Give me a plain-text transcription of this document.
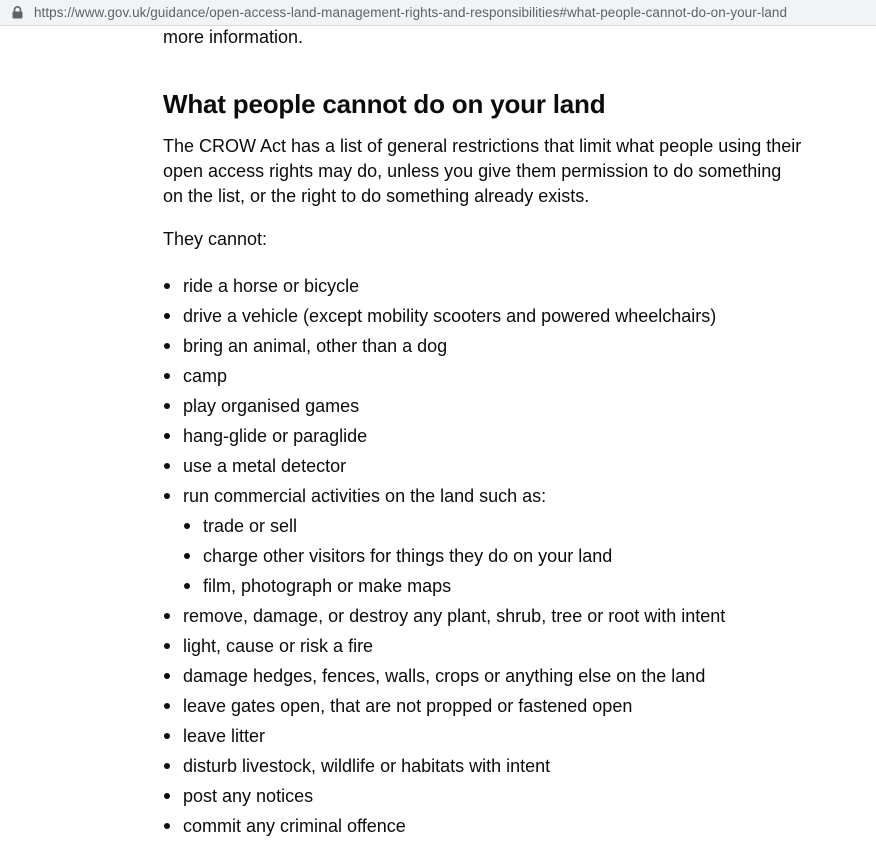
https://www.gov.uk/guidance/open-access-land-management-rights-and-responsibilities#what-people-cannot-do-on-your-land

more information.

What people cannot do on your land

The CROW Act has a list of general restrictions that limit what people using their open access rights may do, unless you give them permission to do something on the list, or the right to do something already exists.

They cannot:

ride a horse or bicycle
drive a vehicle (except mobility scooters and powered wheelchairs)
bring an animal, other than a dog
camp
play organised games
hang-glide or paraglide
use a metal detector
run commercial activities on the land such as:
trade or sell
charge other visitors for things they do on your land
film, photograph or make maps
remove, damage, or destroy any plant, shrub, tree or root with intent
light, cause or risk a fire
damage hedges, fences, walls, crops or anything else on the land
leave gates open, that are not propped or fastened open
leave litter
disturb livestock, wildlife or habitats with intent
post any notices
commit any criminal offence
